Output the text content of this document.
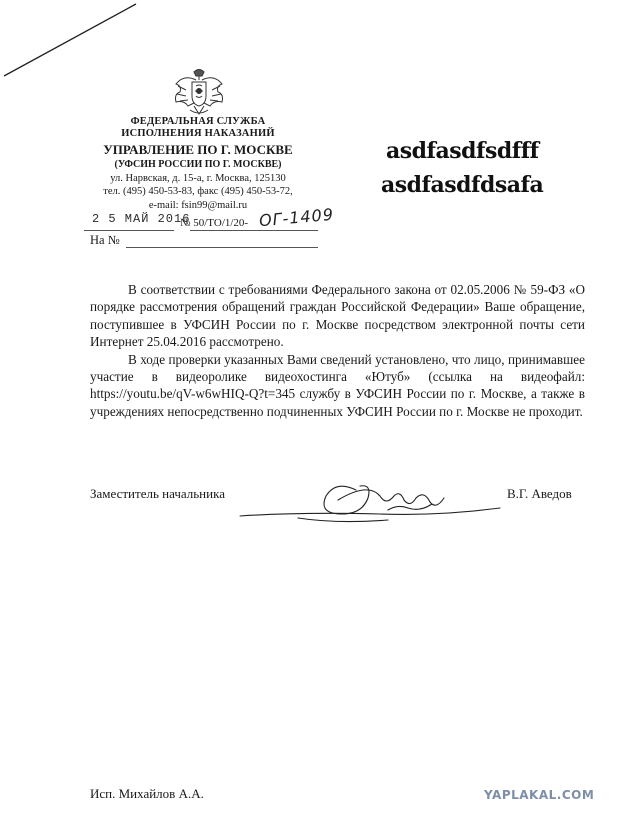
ФЕДЕРАЛЬНАЯ СЛУЖБА
ИСПОЛНЕНИЯ НАКАЗАНИЙ
УПРАВЛЕНИЕ ПО Г. МОСКВЕ
(УФСИН РОССИИ ПО Г. МОСКВЕ)
ул. Нарвская, д. 15-а, г. Москва, 125130
тел. (495) 450-53-83, факс (495) 450-53-72,
e-mail: fsin99@mail.ru
2 5 МАЙ 2016
№ 50/ТО/1/20- ОГ-1409
На №
asdfasdfsdfff
asdfasdfdsafa

В соответствии с требованиями Федерального закона от 02.05.2006 № 59-ФЗ «О порядке рассмотрения обращений граждан Российской Федерации» Ваше обращение, поступившее в УФСИН России по г. Москве посредством электронной почты сети Интернет 25.04.2016 рассмотрено.

В ходе проверки указанных Вами сведений установлено, что лицо, принимавшее участие в видеоролике видеохостинга «Ютуб» (ссылка на видеофайл: https://youtu.be/qV-w6wHIQ-Q?t=345 службу в УФСИН России по г. Москве, а также в учреждениях непосредственно подчиненных УФСИН России по г. Москве не проходит.

Заместитель начальника	В.Г. Аведов
Исп. Михайлов А.А.	YAPLAKAL.COM
